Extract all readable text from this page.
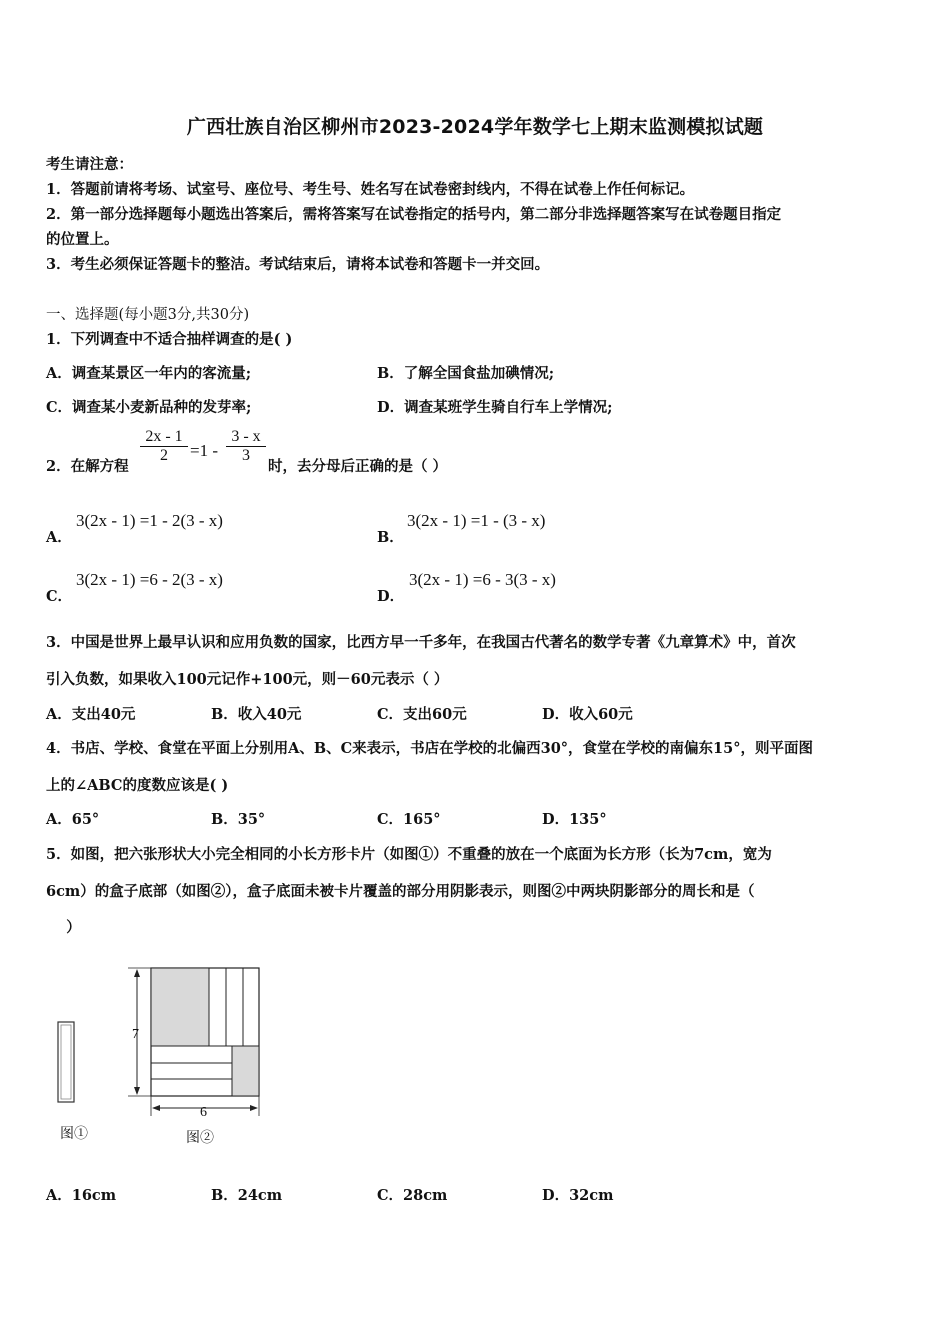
广西壮族自治区柳州市2023-2024学年数学七上期末监测模拟试题
考生请注意：
1．答题前请将考场、试室号、座位号、考生号、姓名写在试卷密封线内，不得在试卷上作任何标记。
2．第一部分选择题每小题选出答案后，需将答案写在试卷指定的括号内，第二部分非选择题答案写在试卷题目指定
的位置上。
3．考生必须保证答题卡的整洁。考试结束后，请将本试卷和答题卡一并交回。
一、选择题(每小题3分,共30分)
1．下列调查中不适合抽样调查的是( )
A．调查某景区一年内的客流量;	B．了解全国食盐加碘情况;
C．调查某小麦新品种的发芽率;	D．调查某班学生骑自行车上学情况;
2．在解方程
2x - 1
2	=1 -
3 - x
3
时，去分母后正确的是（ ）
A．
3(2x - 1) =1 - 2(3 - x)
B．
3(2x - 1) =1 - (3 - x)
C．
3(2x - 1) =6 - 2(3 - x)
D．
3(2x - 1) =6 - 3(3 - x)
3．中国是世界上最早认识和应用负数的国家，比西方早一千多年，在我国古代著名的数学专著《九章算术》中，首次
引入负数，如果收入100元记作+100元，则－60元表示（ ）
A．支出40元	B．收入40元	C．支出60元	D．收入60元
4．书店、学校、食堂在平面上分别用A、B、C来表示，书店在学校的北偏西30°，食堂在学校的南偏东15°，则平面图
上的∠ABC的度数应该是( )
A．65°	B．35°	C．165°	D．135°
5．如图，把六张形状大小完全相同的小长方形卡片（如图①）不重叠的放在一个底面为长方形（长为7cm，宽为
6cm）的盒子底部（如图②），盒子底面未被卡片覆盖的部分用阴影表示，则图②中两块阴影部分的周长和是（
）
图①
7
6
图②
A．16cm	B．24cm	C．28cm	D．32cm
